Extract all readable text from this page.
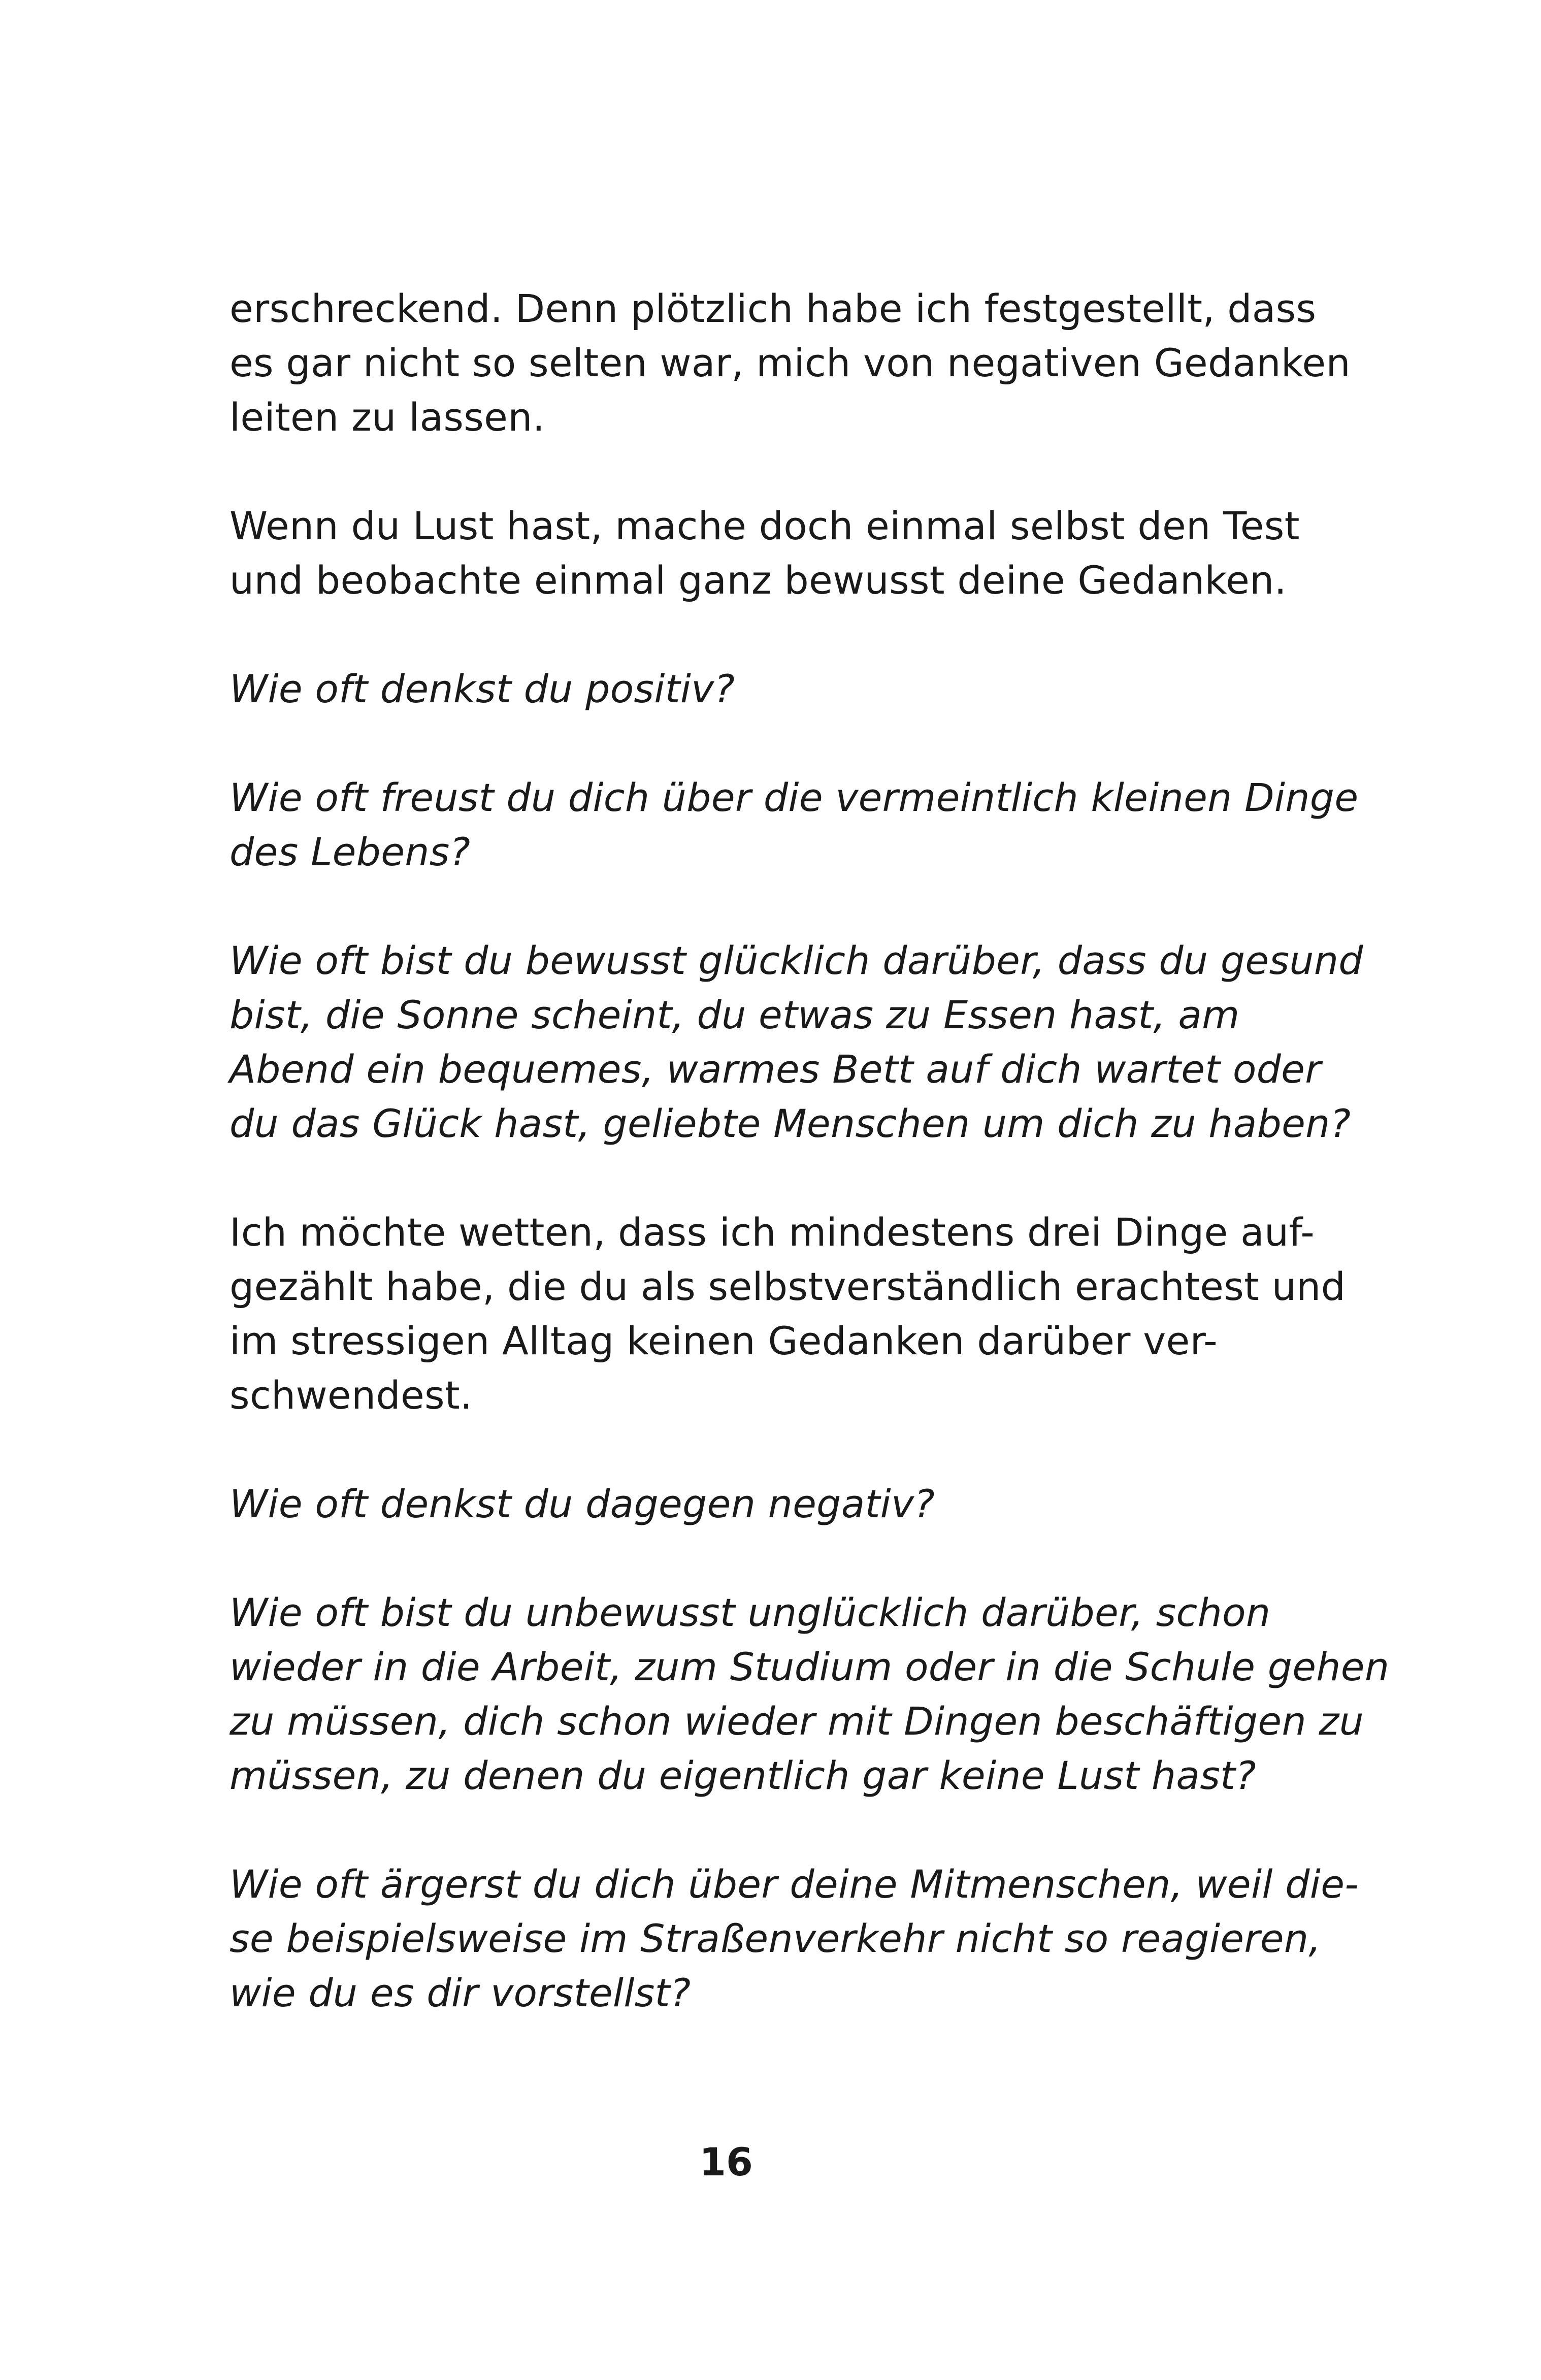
erschreckend. Denn plötzlich habe ich festgestellt, dass
es gar nicht so selten war, mich von negativen Gedanken
leiten zu lassen.

Wenn du Lust hast, mache doch einmal selbst den Test
und beobachte einmal ganz bewusst deine Gedanken.

Wie oft denkst du positiv?

Wie oft freust du dich über die vermeintlich kleinen Dinge
des Lebens?

Wie oft bist du bewusst glücklich darüber, dass du gesund
bist, die Sonne scheint, du etwas zu Essen hast, am
Abend ein bequemes, warmes Bett auf dich wartet oder
du das Glück hast, geliebte Menschen um dich zu haben?

Ich möchte wetten, dass ich mindestens drei Dinge auf-
gezählt habe, die du als selbstverständlich erachtest und
im stressigen Alltag keinen Gedanken darüber ver-
schwendest.

Wie oft denkst du dagegen negativ?

Wie oft bist du unbewusst unglücklich darüber, schon
wieder in die Arbeit, zum Studium oder in die Schule gehen
zu müssen, dich schon wieder mit Dingen beschäftigen zu
müssen, zu denen du eigentlich gar keine Lust hast?

Wie oft ärgerst du dich über deine Mitmenschen, weil die-
se beispielsweise im Straßenverkehr nicht so reagieren,
wie du es dir vorstellst?

16
